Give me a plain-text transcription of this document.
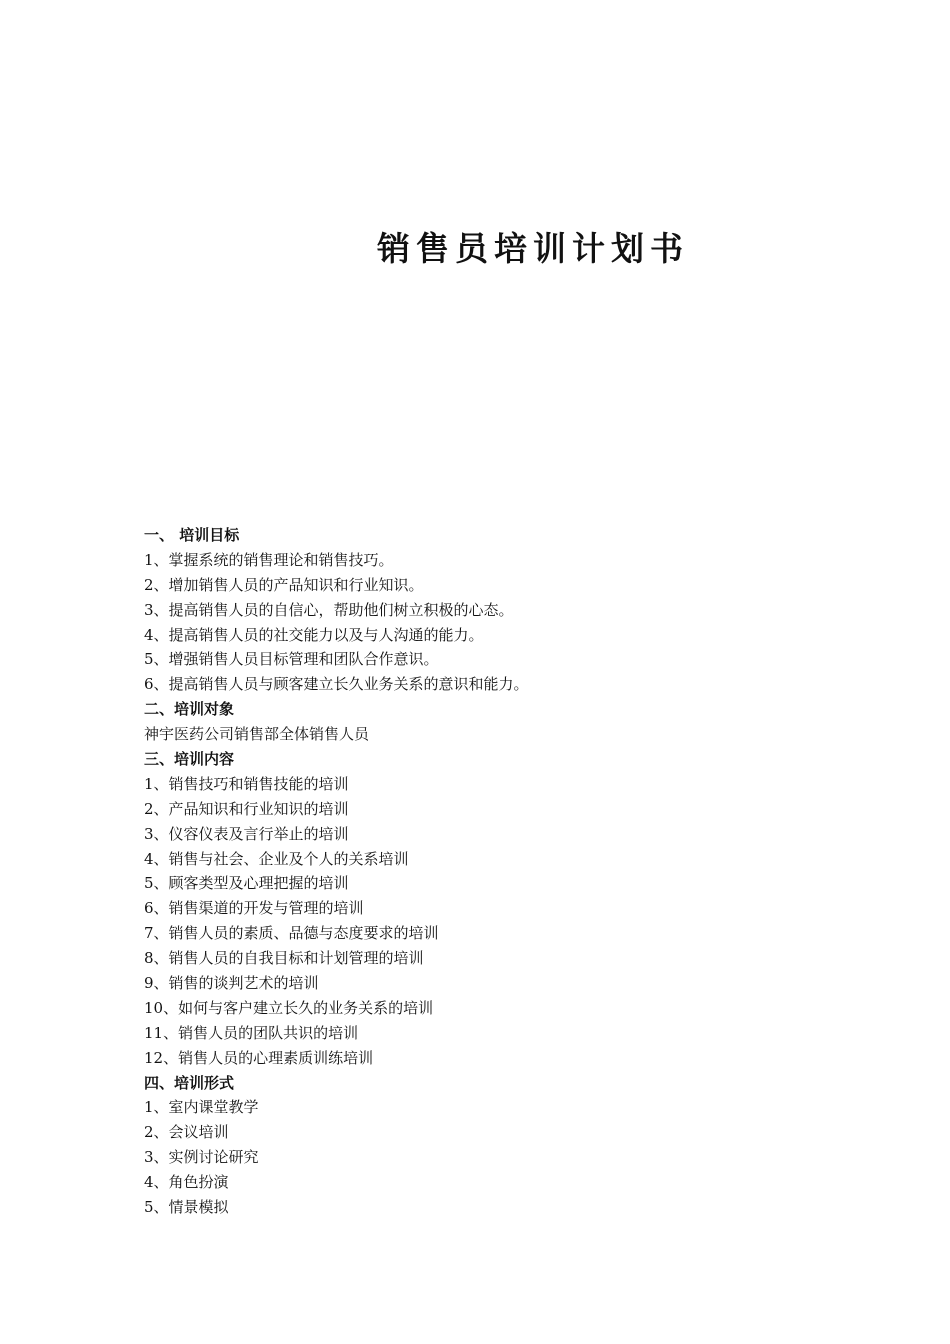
销售员培训计划书
一、 培训目标
1、掌握系统的销售理论和销售技巧。
2、增加销售人员的产品知识和行业知识。
3、提高销售人员的自信心，帮助他们树立积极的心态。
4、提高销售人员的社交能力以及与人沟通的能力。
5、增强销售人员目标管理和团队合作意识。
6、提高销售人员与顾客建立长久业务关系的意识和能力。
二、培训对象
神宇医药公司销售部全体销售人员
三、培训内容
1、销售技巧和销售技能的培训
2、产品知识和行业知识的培训
3、仪容仪表及言行举止的培训
4、销售与社会、企业及个人的关系培训
5、顾客类型及心理把握的培训
6、销售渠道的开发与管理的培训
7、销售人员的素质、品德与态度要求的培训
8、销售人员的自我目标和计划管理的培训
9、销售的谈判艺术的培训
10、如何与客户建立长久的业务关系的培训
11、销售人员的团队共识的培训
12、销售人员的心理素质训练培训
四、培训形式
1、室内课堂教学
2、会议培训
3、实例讨论研究
4、角色扮演
5、情景模拟
